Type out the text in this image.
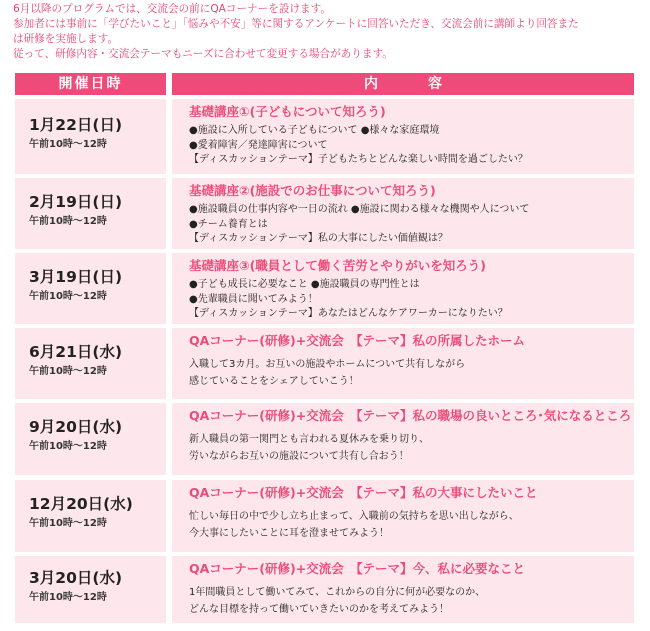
6月以降のプログラムでは、交流会の前にQAコーナーを設けます。
参加者には事前に「学びたいこと」「悩みや不安」等に関するアンケートに回答いただき、交流会前に講師より回答また
は研修を実施します。
従って、研修内容・交流会テーマもニーズに合わせて変更する場合があります。
開催日時	内　容
1月22日(日)
午前10時～12時
基礎講座①(子どもについて知ろう)
●施設に入所している子どもについて ●様々な家庭環境
●愛着障害／発達障害について
【ディスカッションテーマ】子どもたちとどんな楽しい時間を過ごしたい？
2月19日(日)
午前10時～12時
基礎講座②(施設でのお仕事について知ろう)
●施設職員の仕事内容や一日の流れ ●施設に関わる様々な機関や人について
●チーム養育とは
【ディスカッションテーマ】私の大事にしたい価値観は？
3月19日(日)
午前10時～12時
基礎講座③(職員として働く苦労とやりがいを知ろう)
●子ども成長に必要なこと ●施設職員の専門性とは
●先輩職員に聞いてみよう！
【ディスカッションテーマ】あなたはどんなケアワーカーになりたい？
6月21日(水)
午前10時～12時
QAコーナー(研修)+交流会　【テーマ】私の所属したホーム
入職して3カ月。お互いの施設やホームについて共有しながら
感じていることをシェアしていこう！
9月20日(水)
午前10時～12時
QAコーナー(研修)+交流会　【テーマ】私の職場の良いところ･気になるところ
新人職員の第一関門とも言われる夏休みを乗り切り、
労いながらお互いの施設について共有し合おう！
12月20日(水)
午前10時～12時
QAコーナー(研修)+交流会　【テーマ】私の大事にしたいこと
忙しい毎日の中で少し立ち止まって、入職前の気持ちを思い出しながら、
今大事にしたいことに耳を澄ませてみよう！
3月20日(水)
午前10時～12時
QAコーナー(研修)+交流会　【テーマ】今、私に必要なこと
1年間職員として働いてみて、これからの自分に何が必要なのか、
どんな目標を持って働いていきたいのかを考えてみよう！
